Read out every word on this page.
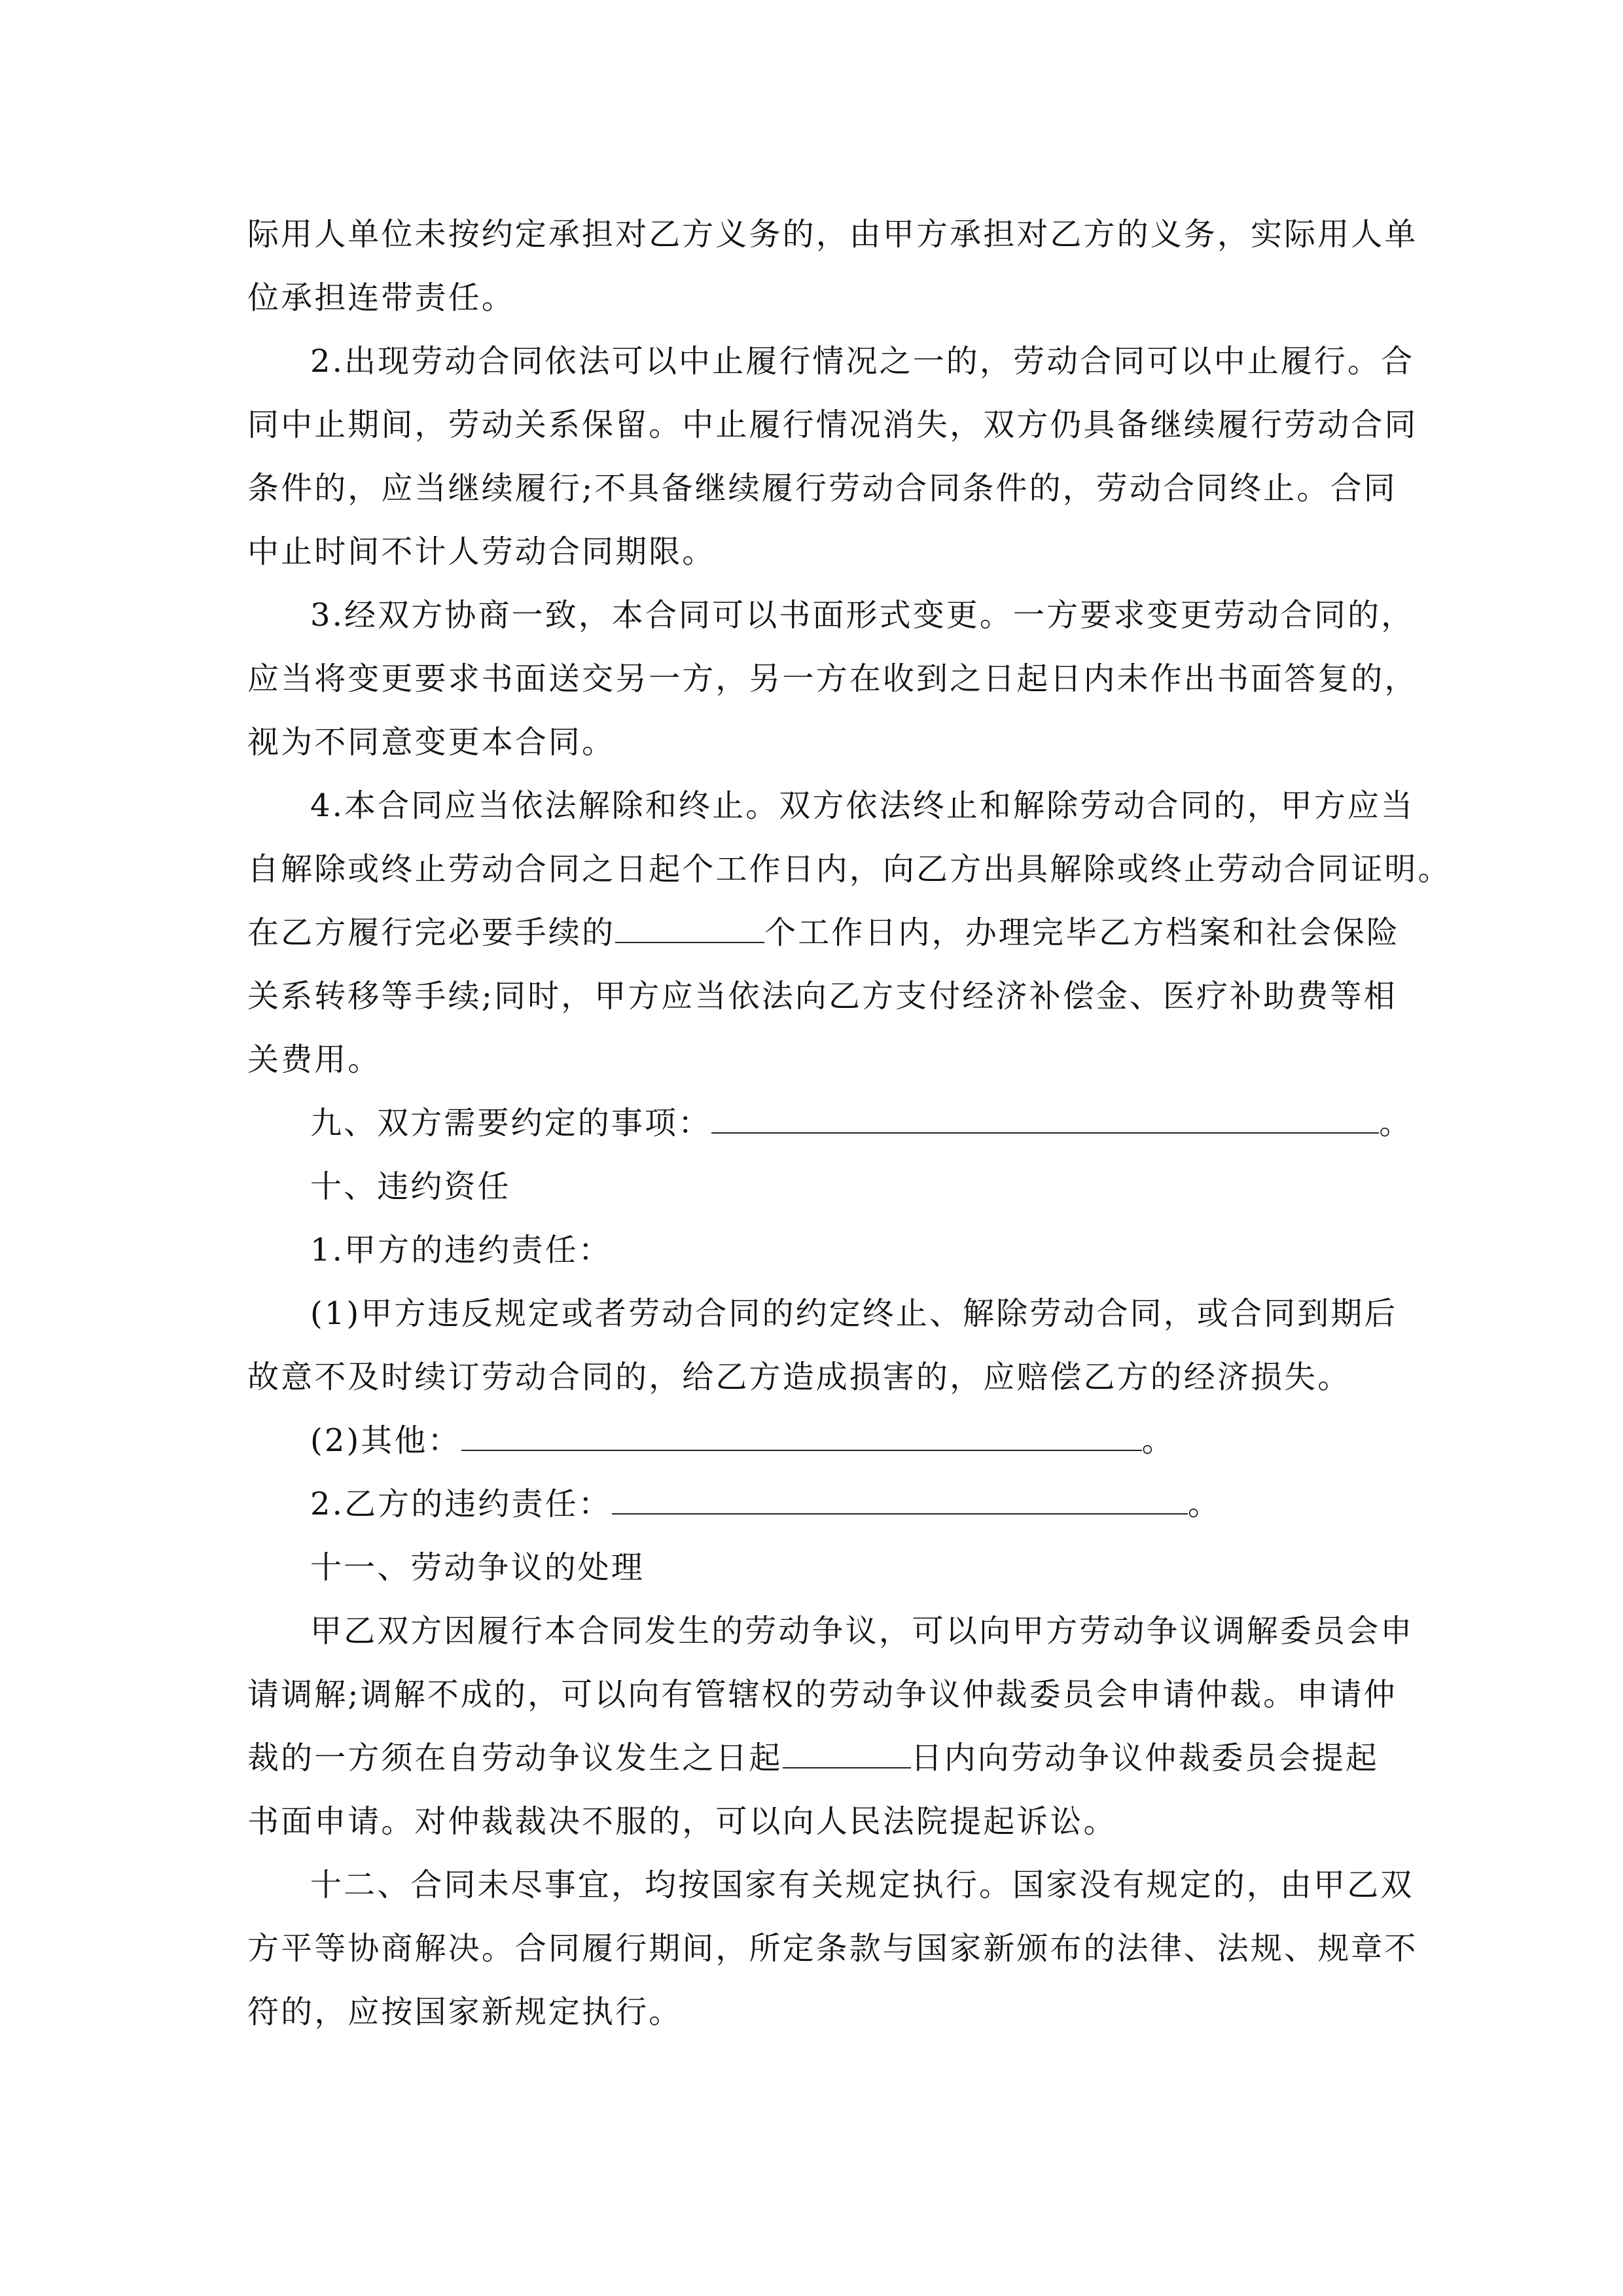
际用人单位未按约定承担对乙方义务的，由甲方承担对乙方的义务，实际用人单
位承担连带责任。
2.出现劳动合同依法可以中止履行情况之一的，劳动合同可以中止履行。合
同中止期间，劳动关系保留。中止履行情况消失，双方仍具备继续履行劳动合同
条件的，应当继续履行;不具备继续履行劳动合同条件的，劳动合同终止。合同
中止时间不计人劳动合同期限。
3.经双方协商一致，本合同可以书面形式变更。一方要求变更劳动合同的，
应当将变更要求书面送交另一方，另一方在收到之日起日内未作出书面答复的，
视为不同意变更本合同。
4.本合同应当依法解除和终止。双方依法终止和解除劳动合同的，甲方应当
自解除或终止劳动合同之日起个工作日内，向乙方出具解除或终止劳动合同证明。
在乙方履行完必要手续的	个工作日内，办理完毕乙方档案和社会保险
关系转移等手续;同时，甲方应当依法向乙方支付经济补偿金、医疗补助费等相
关费用。
九、双方需要约定的事项：	。
十、违约资任
1.甲方的违约责任：
(1)甲方违反规定或者劳动合同的约定终止、解除劳动合同，或合同到期后
故意不及时续订劳动合同的，给乙方造成损害的，应赔偿乙方的经济损失。
(2)其他：	。
2.乙方的违约责任：	。
十一、劳动争议的处理
甲乙双方因履行本合同发生的劳动争议，可以向甲方劳动争议调解委员会申
请调解;调解不成的，可以向有管辖权的劳动争议仲裁委员会申请仲裁。申请仲
裁的一方须在自劳动争议发生之日起	日内向劳动争议仲裁委员会提起
书面申请。对仲裁裁决不服的，可以向人民法院提起诉讼。
十二、合同未尽事宜，均按国家有关规定执行。国家没有规定的，由甲乙双
方平等协商解决。合同履行期间，所定条款与国家新颁布的法律、法规、规章不
符的，应按国家新规定执行。
